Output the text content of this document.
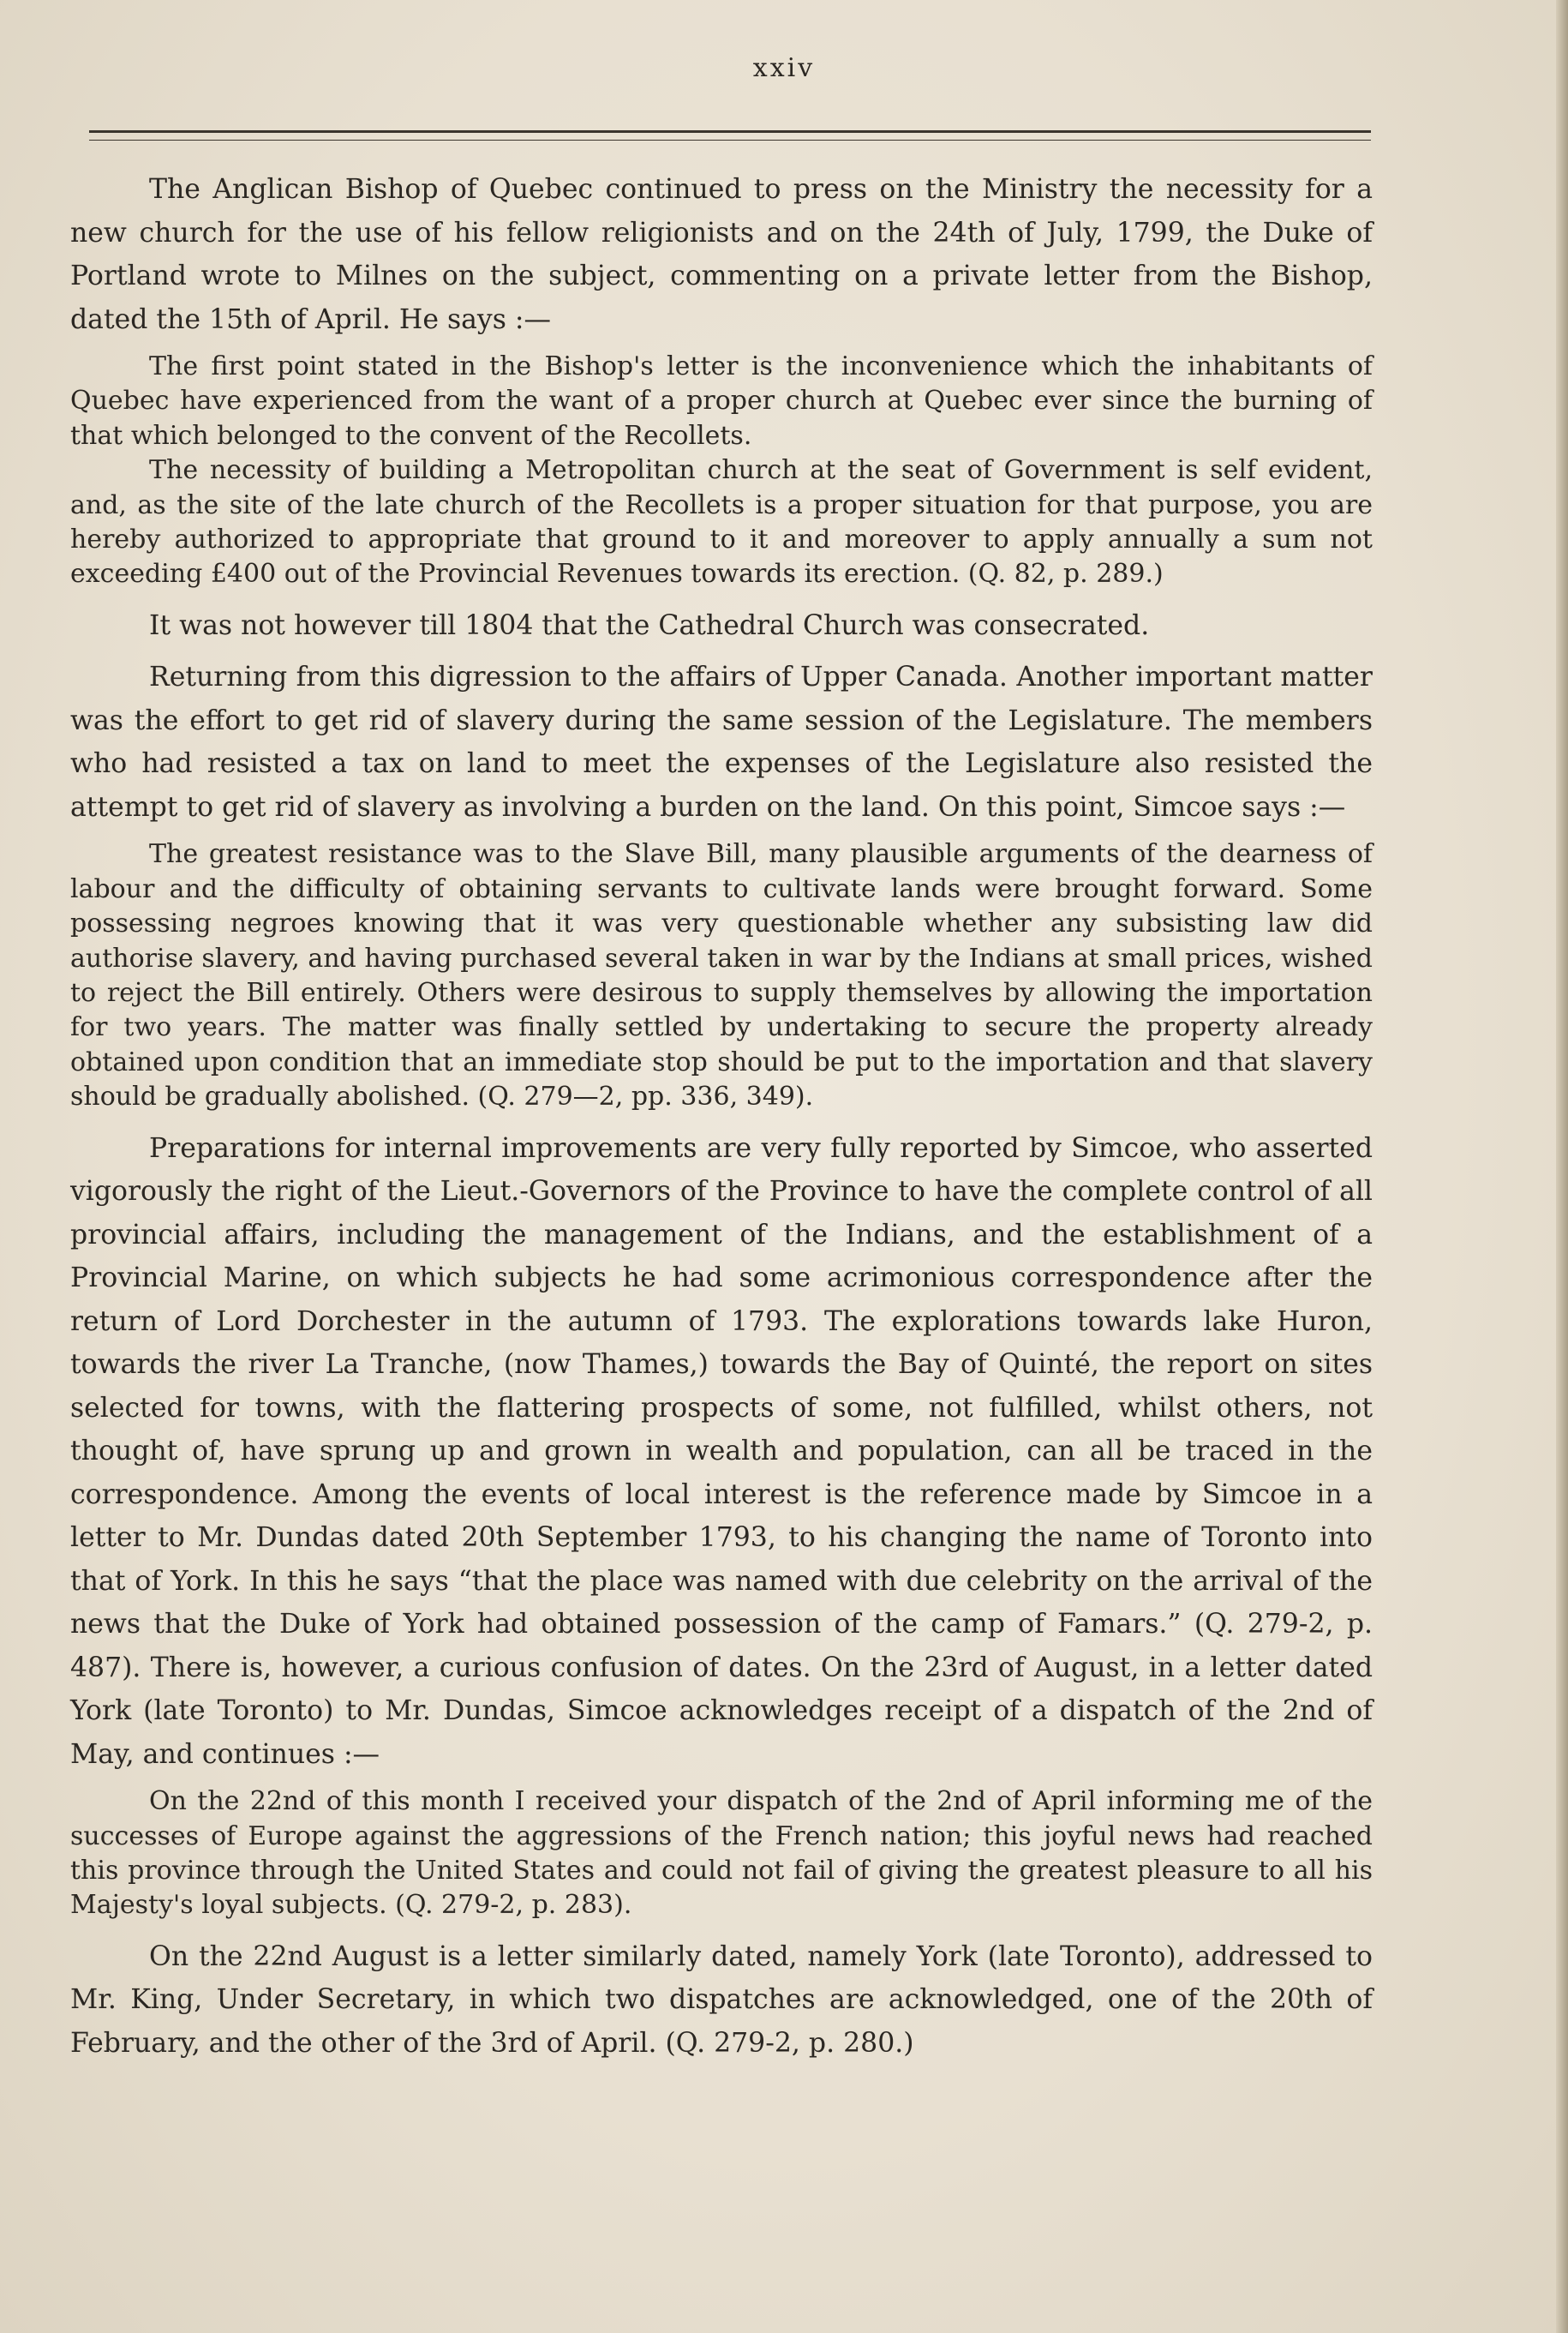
xxiv

The Anglican Bishop of Quebec continued to press on the Ministry the necessity for a new church for the use of his fellow religionists and on the 24th of July, 1799, the Duke of Portland wrote to Milnes on the subject, commenting on a private letter from the Bishop, dated the 15th of April. He says :—

The first point stated in the Bishop's letter is the inconvenience which the inhabitants of Quebec have experienced from the want of a proper church at Quebec ever since the burning of that which belonged to the convent of the Recollets.

The necessity of building a Metropolitan church at the seat of Government is self evident, and, as the site of the late church of the Recollets is a proper situation for that purpose, you are hereby authorized to appropriate that ground to it and moreover to apply annually a sum not exceeding £400 out of the Provincial Revenues towards its erection. (Q. 82, p. 289.)

It was not however till 1804 that the Cathedral Church was consecrated.

Returning from this digression to the affairs of Upper Canada. Another important matter was the effort to get rid of slavery during the same session of the Legislature. The members who had resisted a tax on land to meet the expenses of the Legislature also resisted the attempt to get rid of slavery as involving a burden on the land. On this point, Simcoe says :—

The greatest resistance was to the Slave Bill, many plausible arguments of the dearness of labour and the difficulty of obtaining servants to cultivate lands were brought forward. Some possessing negroes knowing that it was very questionable whether any subsisting law did authorise slavery, and having purchased several taken in war by the Indians at small prices, wished to reject the Bill entirely. Others were desirous to supply themselves by allowing the importation for two years. The matter was finally settled by undertaking to secure the property already obtained upon condition that an immediate stop should be put to the importation and that slavery should be gradually abolished. (Q. 279—2, pp. 336, 349).

Preparations for internal improvements are very fully reported by Simcoe, who asserted vigorously the right of the Lieut.-Governors of the Province to have the complete control of all provincial affairs, including the management of the Indians, and the establishment of a Provincial Marine, on which subjects he had some acrimonious correspondence after the return of Lord Dorchester in the autumn of 1793. The explorations towards lake Huron, towards the river La Tranche, (now Thames,) towards the Bay of Quinté, the report on sites selected for towns, with the flattering prospects of some, not fulfilled, whilst others, not thought of, have sprung up and grown in wealth and population, can all be traced in the correspondence. Among the events of local interest is the reference made by Simcoe in a letter to Mr. Dundas dated 20th September 1793, to his changing the name of Toronto into that of York. In this he says “that the place was named with due celebrity on the arrival of the news that the Duke of York had obtained possession of the camp of Famars.” (Q. 279-2, p. 487). There is, however, a curious confusion of dates. On the 23rd of August, in a letter dated York (late Toronto) to Mr. Dundas, Simcoe acknowledges receipt of a dispatch of the 2nd of May, and continues :—

On the 22nd of this month I received your dispatch of the 2nd of April informing me of the successes of Europe against the aggressions of the French nation; this joyful news had reached this province through the United States and could not fail of giving the greatest pleasure to all his Majesty's loyal subjects. (Q. 279-2, p. 283).

On the 22nd August is a letter similarly dated, namely York (late Toronto), addressed to Mr. King, Under Secretary, in which two dispatches are acknowledged, one of the 20th of February, and the other of the 3rd of April. (Q. 279-2, p. 280.)
